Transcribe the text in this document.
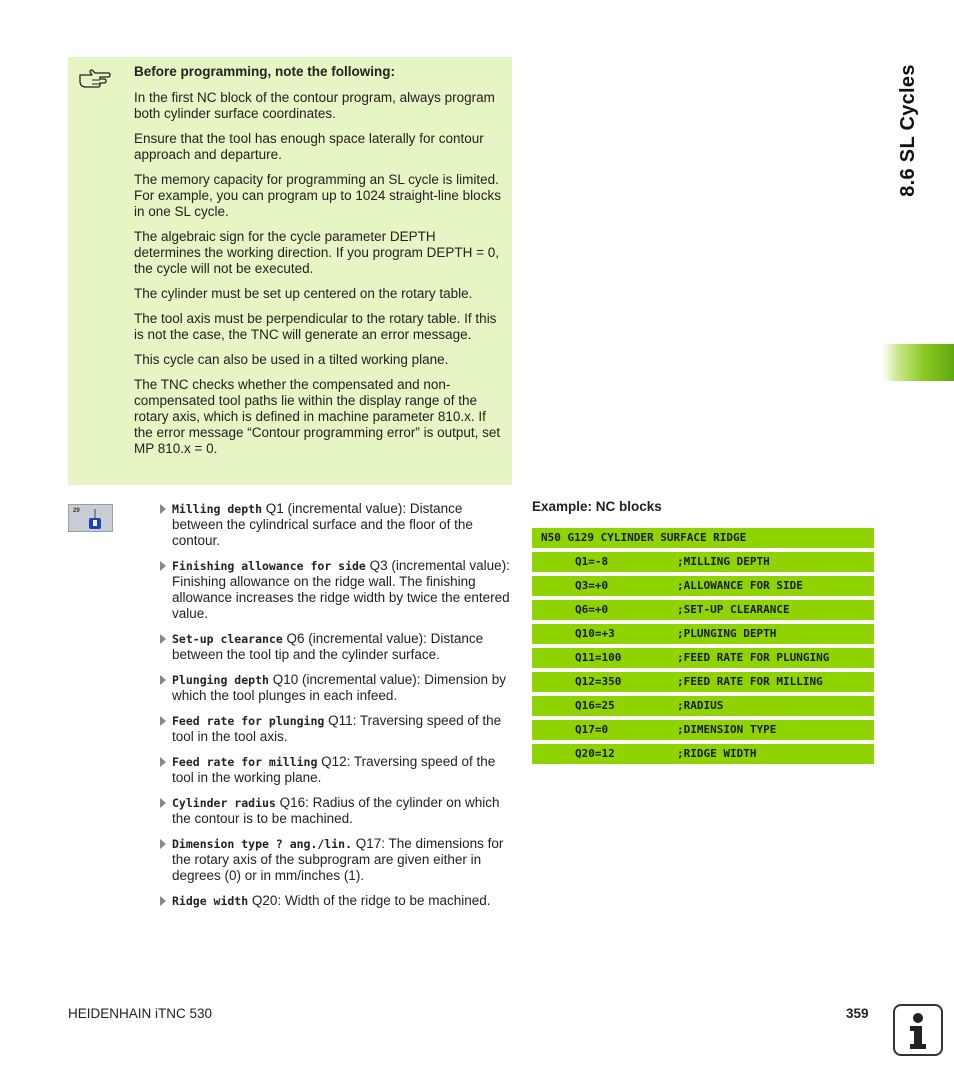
8.6 SL Cycles

Before programming, note the following:

In the first NC block of the contour program, always program both cylinder surface coordinates.

Ensure that the tool has enough space laterally for contour approach and departure.

The memory capacity for programming an SL cycle is limited. For example, you can program up to 1024 straight-line blocks in one SL cycle.

The algebraic sign for the cycle parameter DEPTH determines the working direction. If you program DEPTH = 0, the cycle will not be executed.

The cylinder must be set up centered on the rotary table.

The tool axis must be perpendicular to the rotary table. If this is not the case, the TNC will generate an error message.

This cycle can also be used in a tilted working plane.

The TNC checks whether the compensated and non-compensated tool paths lie within the display range of the rotary axis, which is defined in machine parameter 810.x. If the error message “Contour programming error” is output, set MP 810.x = 0.

29	Milling depth Q1 (incremental value): Distance between the cylindrical surface and the floor of the contour.
Finishing allowance for side Q3 (incremental value): Finishing allowance on the ridge wall. The finishing allowance increases the ridge width by twice the entered value.
Set-up clearance Q6 (incremental value): Distance between the tool tip and the cylinder surface.
Plunging depth Q10 (incremental value): Dimension by which the tool plunges in each infeed.
Feed rate for plunging Q11: Traversing speed of the tool in the tool axis.
Feed rate for milling Q12: Traversing speed of the tool in the working plane.
Cylinder radius Q16: Radius of the cylinder on which the contour is to be machined.
Dimension type ? ang./lin. Q17: The dimensions for the rotary axis of the subprogram are given either in degrees (0) or in mm/inches (1).
Ridge width Q20: Width of the ridge to be machined.
Example: NC blocks
N50 G129 CYLINDER SURFACE RIDGE
Q1=-8	;MILLING DEPTH
Q3=+0	;ALLOWANCE FOR SIDE
Q6=+0	;SET-UP CLEARANCE
Q10=+3	;PLUNGING DEPTH
Q11=100	;FEED RATE FOR PLUNGING
Q12=350	;FEED RATE FOR MILLING
Q16=25	;RADIUS
Q17=0	;DIMENSION TYPE
Q20=12	;RIDGE WIDTH
HEIDENHAIN iTNC 530	359
